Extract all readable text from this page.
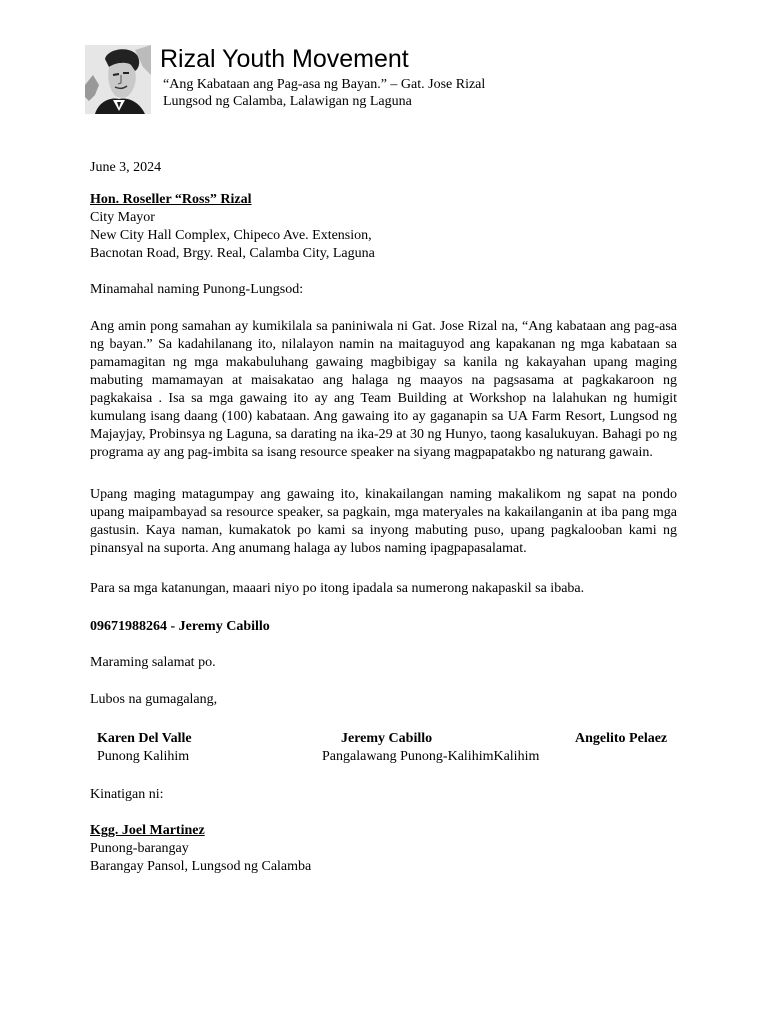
Rizal Youth Movement
“Ang Kabataan ang Pag-asa ng Bayan.” – Gat. Jose Rizal
Lungsod ng Calamba, Lalawigan ng Laguna
June 3, 2024
Hon. Roseller “Ross” Rizal
City Mayor
New City Hall Complex, Chipeco Ave. Extension,
Bacnotan Road, Brgy. Real, Calamba City, Laguna
Minamahal naming Punong-Lungsod:
Ang amin pong samahan ay kumikilala sa paniniwala ni Gat. Jose Rizal na, “Ang kabataan ang pag-asa ng bayan.” Sa kadahilanang ito, nilalayon namin na maitaguyod ang kapakanan ng mga kabataan sa pamamagitan ng mga makabuluhang gawaing magbibigay sa kanila ng kakayahan upang maging mabuting mamamayan at maisakatao ang halaga ng maayos na pagsasama at pagkakaroon ng pagkakaisa . Isa sa mga gawaing ito ay ang Team Building at Workshop na lalahukan ng humigit kumulang isang daang (100) kabataan. Ang gawaing ito ay gaganapin sa UA Farm Resort, Lungsod ng Majayjay, Probinsya ng Laguna, sa darating na ika-29 at 30 ng Hunyo, taong kasalukuyan. Bahagi po ng programa ay ang pag-imbita sa isang resource speaker na siyang magpapatakbo ng naturang gawain.
Upang maging matagumpay ang gawaing ito, kinakailangan naming makalikom ng sapat na pondo upang maipambayad sa resource speaker, sa pagkain, mga materyales na kakailanganin at iba pang mga gastusin. Kaya naman, kumakatok po kami sa inyong mabuting puso, upang pagkalooban kami ng pinansyal na suporta. Ang anumang halaga ay lubos naming ipagpapasalamat.
Para sa mga katanungan, maaari niyo po itong ipadala sa numerong nakapaskil sa ibaba.
09671988264 - Jeremy Cabillo
Maraming salamat po.
Lubos na gumagalang,
Karen Del Valle
Punong Kalihim
Jeremy Cabillo
Pangalawang Punong-KalihimKalihim
Angelito Pelaez
Kinatigan ni:
Kgg. Joel Martinez
Punong-barangay
Barangay Pansol, Lungsod ng Calamba
